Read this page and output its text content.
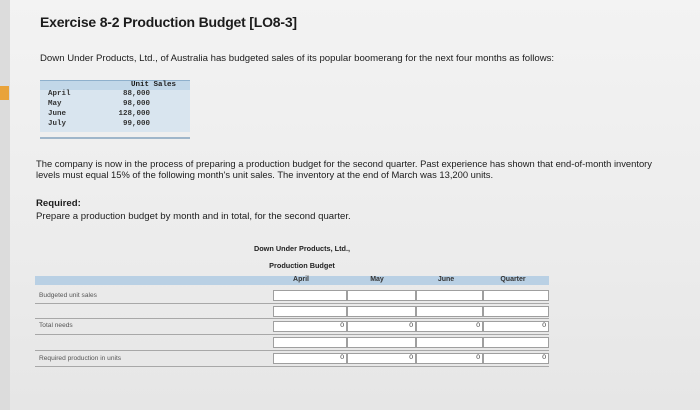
Exercise 8-2 Production Budget [LO8-3]
Down Under Products, Ltd., of Australia has budgeted sales of its popular boomerang for the next four months as follows:
Unit Sales
April	88,000
May	98,000
June	128,000
July	99,000
The company is now in the process of preparing a production budget for the second quarter. Past experience has shown that end-of-month inventory levels must equal 15% of the following month's unit sales. The inventory at the end of March was 13,200 units.
Required:
Prepare a production budget by month and in total, for the second quarter.
Down Under Products, Ltd.,
Production Budget
April	May	June	Quarter
Budgeted unit sales
Total needs	0	0	0	0
Required production in units	0	0	0	0
